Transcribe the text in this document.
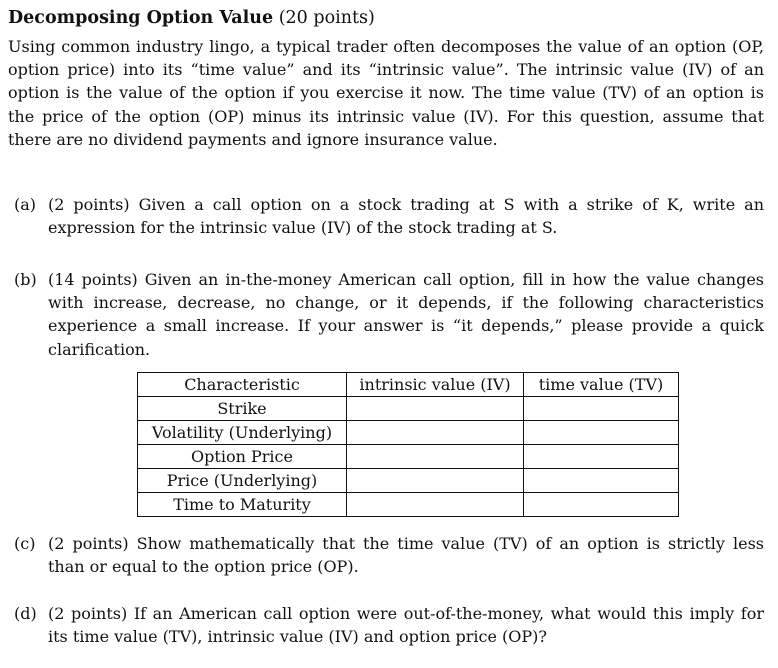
Decomposing Option Value (20 points)
Using common industry lingo, a typical trader often decomposes the value of an option (OP, option price) into its “time value” and its “intrinsic value”. The intrinsic value (IV) of an option is the value of the option if you exercise it now. The time value (TV) of an option is the price of the option (OP) minus its intrinsic value (IV). For this question, assume that there are no dividend payments and ignore insurance value.
(a) (2 points) Given a call option on a stock trading at S with a strike of K, write an expression for the intrinsic value (IV) of the stock trading at S.
(b) (14 points) Given an in-the-money American call option, fill in how the value changes with increase, decrease, no change, or it depends, if the following characteristics experience a small increase. If your answer is “it depends,” please provide a quick clarification.
Characteristic	intrinsic value (IV)	time value (TV)
Strike		
Volatility (Underlying)		
Option Price		
Price (Underlying)		
Time to Maturity		
(c) (2 points) Show mathematically that the time value (TV) of an option is strictly less than or equal to the option price (OP).
(d) (2 points) If an American call option were out-of-the-money, what would this imply for its time value (TV), intrinsic value (IV) and option price (OP)?
